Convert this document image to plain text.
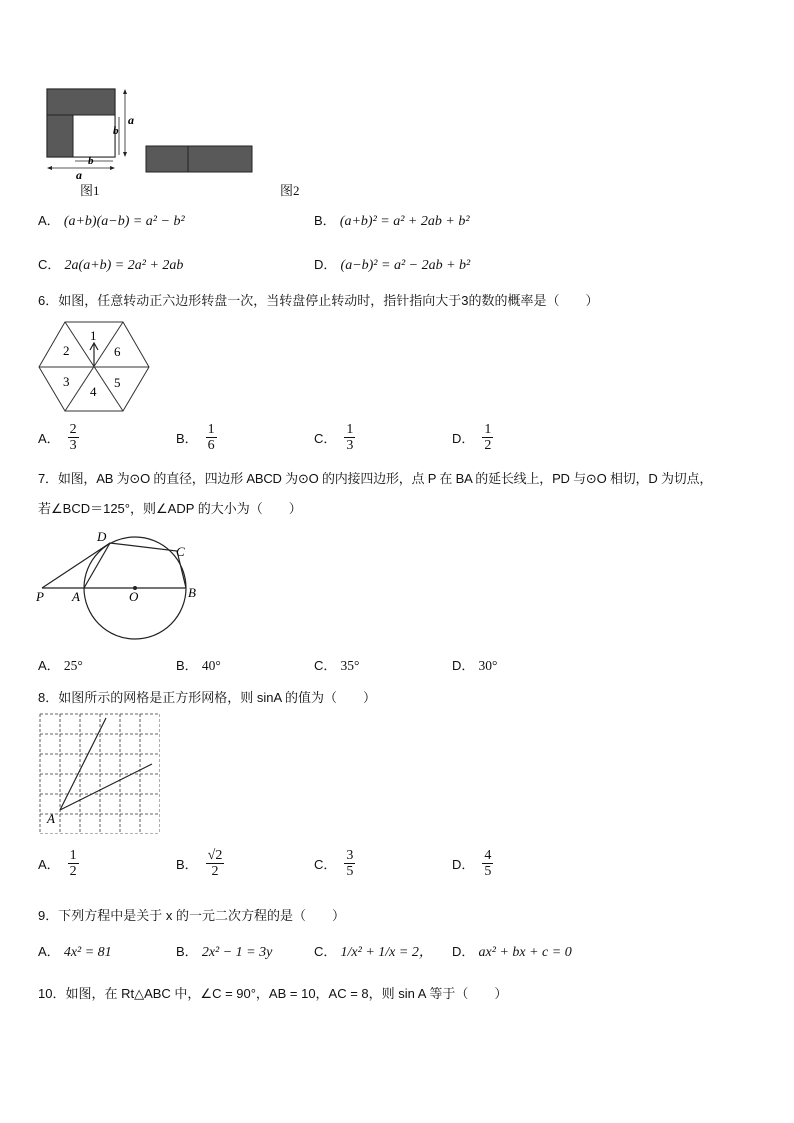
b
a
b
a
图1	图2
A． (a+b)(a−b) = a² − b²	B． (a+b)² = a² + 2ab + b²
C． 2a(a+b) = 2a² + 2ab	D． (a−b)² = a² − 2ab + b²
6．如图，任意转动正六边形转盘一次，当转盘停止转动时，指针指向大于3的数的概率是（　　）
1
6
5
4
3
2
A． $\frac{2}{3}$	B． $\frac{1}{6}$	C． $\frac{1}{3}$	D． $\frac{1}{2}$
7．如图，AB 为⊙O 的直径，四边形 ABCD 为⊙O 的内接四边形，点 P 在 BA 的延长线上，PD 与⊙O 相切，D 为切点，
若∠BCD＝125°，则∠ADP 的大小为（　　）
P A	O	B
C
D
A． 25°	B． 40°	C． 35°	D． 30°
8．如图所示的网格是正方形网格，则 sinA 的值为（　　）
A
A． $\frac{1}{2}$	B． $\frac{√2}{2}$	C． $\frac{3}{5}$	D． $\frac{4}{5}$
9．下列方程中是关于 x 的一元二次方程的是（　　）
A． 4x² = 81	B． 2x² − 1 = 3y	C． 1/x² + 1/x = 2， D． ax² + bx + c = 0
10．如图，在 Rt△ABC 中，∠C = 90°，AB = 10，AC = 8，则 sin A 等于（　　）
